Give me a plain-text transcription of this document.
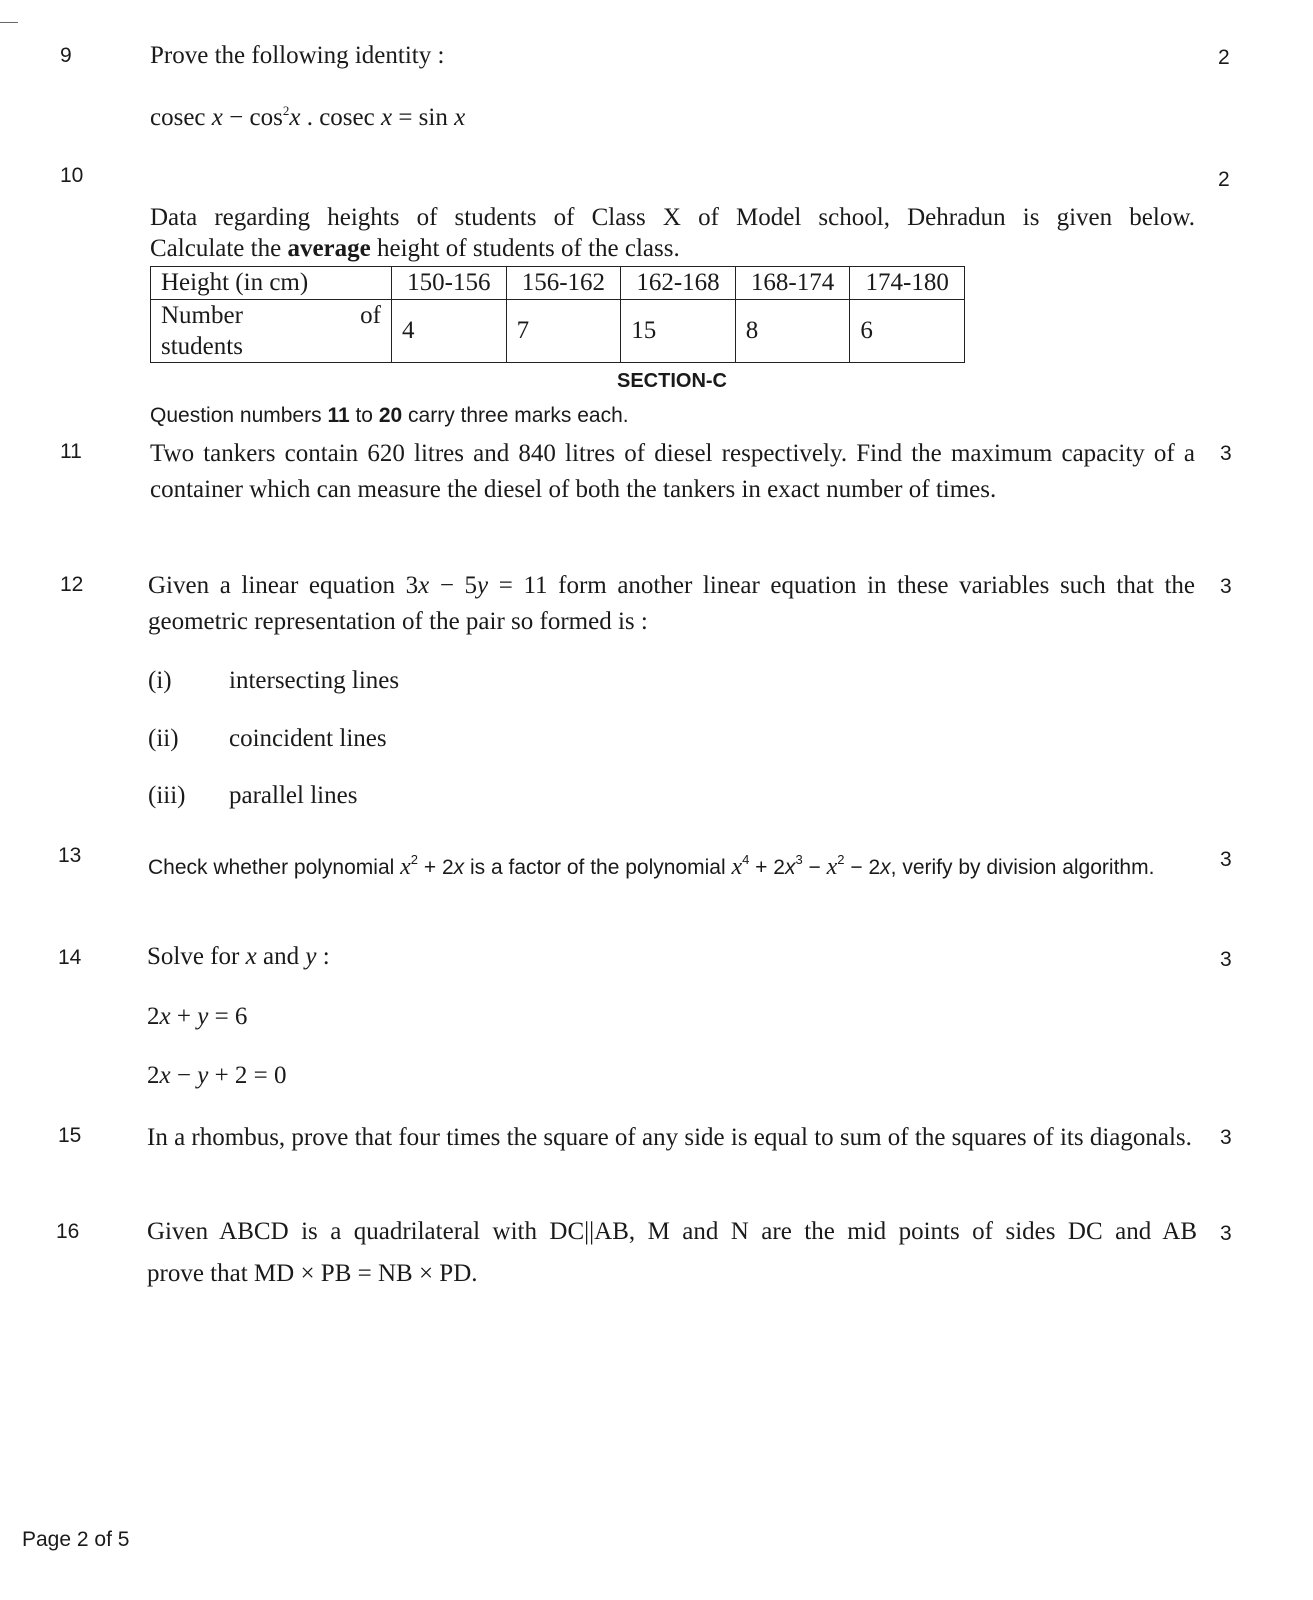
9	2
Prove the following identity :
cosec $x - \cos^2x$ . cosec x = sin x
10	2
Data regarding heights of students of Class X of Model school, Dehradun is given below.
Calculate the average height of students of the class.
Height (in cm)	150-156	156-162	162-168	168-174	174-180

Number of
students	4	7	15	8	6
SECTION-C
Question numbers 11 to 20 carry three marks each.
11	3
Two tankers contain 620 litres and 840 litres of diesel respectively. Find the maximum capacity of a container which can measure the diesel of both the tankers in exact number of times.
12	3
Given a linear equation 3x − 5y = 11 form another linear equation in these variables such that the geometric representation of the pair so formed is :
(i) intersecting lines
(ii) coincident lines
(iii) parallel lines
13	3
Check whether polynomial $x^2 + 2x$ is a factor of the polynomial $x^4 + 2x^3 - x^2 - 2x$, verify by division algorithm.
14	3
Solve for x and y :
2x + y = 6
2x − y + 2 = 0
15	3
In a rhombus, prove that four times the square of any side is equal to sum of the squares of its diagonals.
16	3
Given ABCD is a quadrilateral with DC||AB, M and N are the mid points of sides DC and AB
prove that MD × PB = NB × PD.
Page 2 of 5
